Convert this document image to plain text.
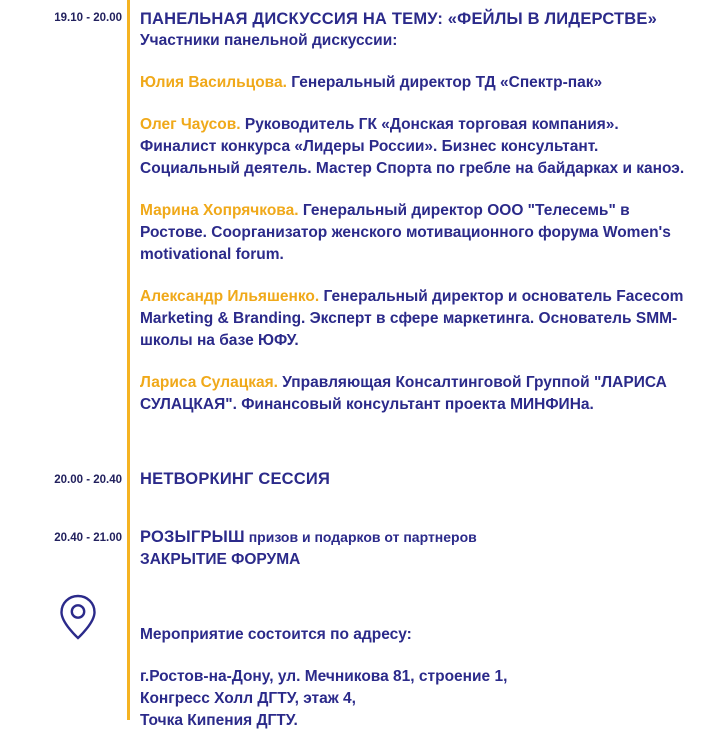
19.10 - 20.00 ПАНЕЛЬНАЯ ДИСКУССИЯ НА ТЕМУ: «ФЕЙЛЫ В ЛИДЕРСТВЕ»
Участники панельной дискуссии:
Юлия Васильцова. Генеральный директор ТД «Спектр-пак»
Олег Чаусов. Руководитель ГК «Донская торговая компания». Финалист конкурса «Лидеры России». Бизнес консультант. Социальный деятель. Мастер Спорта по гребле на байдарках и каноэ.
Марина Хопрячкова. Генеральный директор ООО "Телесемь" в Ростове. Соорганизатор женского мотивационного форума Women's motivational forum.
Александр Ильяшенко. Генеральный директор и основатель Facecom Marketing & Branding. Эксперт в сфере маркетинга. Основатель SMM-школы на базе ЮФУ.
Лариса Сулацкая. Управляющая Консалтинговой Группой "ЛАРИСА СУЛАЦКАЯ". Финансовый консультант проекта МИНФИНа.
20.00 - 20.40 НЕТВОРКИНГ СЕССИЯ
20.40 - 21.00 РОЗЫГРЫШ призов и подарков от партнеров
ЗАКРЫТИЕ ФОРУМА
Мероприятие состоится по адресу:
г.Ростов-на-Дону, ул. Мечникова 81, строение 1,
Конгресс Холл ДГТУ, этаж 4,
Точка Кипения ДГТУ.
